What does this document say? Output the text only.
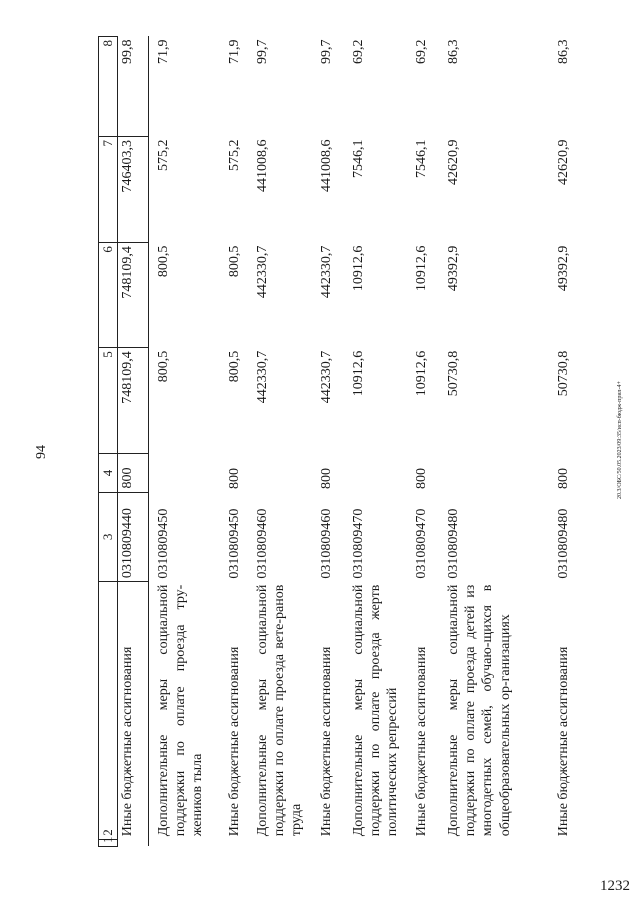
94	20.3/ОБС/50.05.2023/09:35/исп-бюдж-прил-4+
1232
1	2	3	4	5	6	7	8
	Иные бюджетные ассигнования	0310809440	800	748109,4	748109,4	746403,3	99,8
	Дополнительные меры социальной поддержки по оплате проезда тру-жеников тыла	0310809450		800,5	800,5	575,2	71,9
	Иные бюджетные ассигнования	0310809450	800	800,5	800,5	575,2	71,9
	Дополнительные меры социальной поддержки по оплате проезда вете-ранов труда	0310809460		442330,7	442330,7	441008,6	99,7
	Иные бюджетные ассигнования	0310809460	800	442330,7	442330,7	441008,6	99,7
	Дополнительные меры социальной поддержки по оплате проезда жертв политических репрессий	0310809470		10912,6	10912,6	7546,1	69,2
	Иные бюджетные ассигнования	0310809470	800	10912,6	10912,6	7546,1	69,2
	Дополнительные меры социальной поддержки по оплате проезда детей из многодетных семей, обучаю-щихся в общеобразовательных ор-ганизациях	0310809480		50730,8	49392,9	42620,9	86,3
	Иные бюджетные ассигнования	0310809480	800	50730,8	49392,9	42620,9	86,3
